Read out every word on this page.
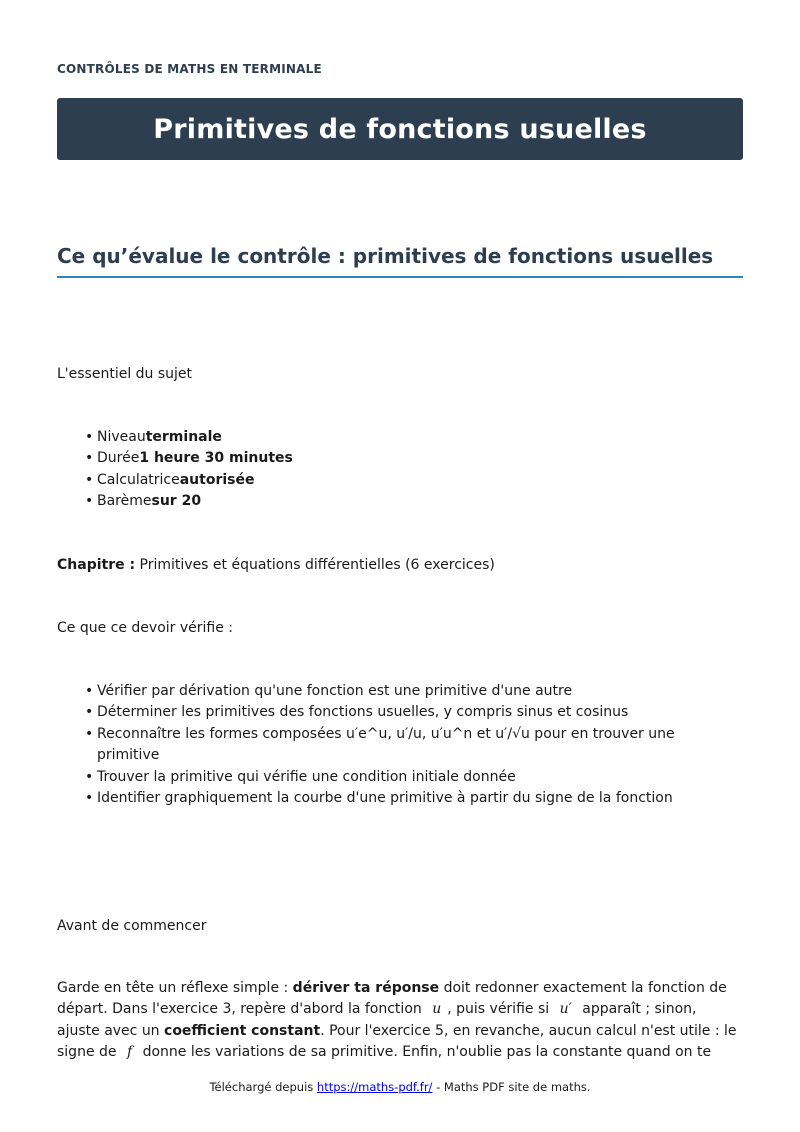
CONTRÔLES DE MATHS EN TERMINALE
Primitives de fonctions usuelles
Ce qu’évalue le contrôle : primitives de fonctions usuelles
L'essentiel du sujet
• Niveauterminale
• Durée1 heure 30 minutes
• Calculatriceautorisée
• Barèmesur 20
Chapitre : Primitives et équations différentielles (6 exercices)
Ce que ce devoir vérifie :
• Vérifier par dérivation qu'une fonction est une primitive d'une autre
• Déterminer les primitives des fonctions usuelles, y compris sinus et cosinus
• Reconnaître les formes composées u′e^u, u′/u, u′u^n et u′/√u pour en trouver une primitive
• Trouver la primitive qui vérifie une condition initiale donnée
• Identifier graphiquement la courbe d'une primitive à partir du signe de la fonction
Avant de commencer

Garde en tête un réflexe simple : dériver ta réponse doit redonner exactement la fonction de départ. Dans l'exercice 3, repère d'abord la fonction u , puis vérifie si u′ apparaît ; sinon, ajuste avec un coefficient constant. Pour l'exercice 5, en revanche, aucun calcul n'est utile : le signe de f donne les variations de sa primitive. Enfin, n'oublie pas la constante quand on te

Téléchargé depuis https://maths-pdf.fr/ - Maths PDF site de maths.
